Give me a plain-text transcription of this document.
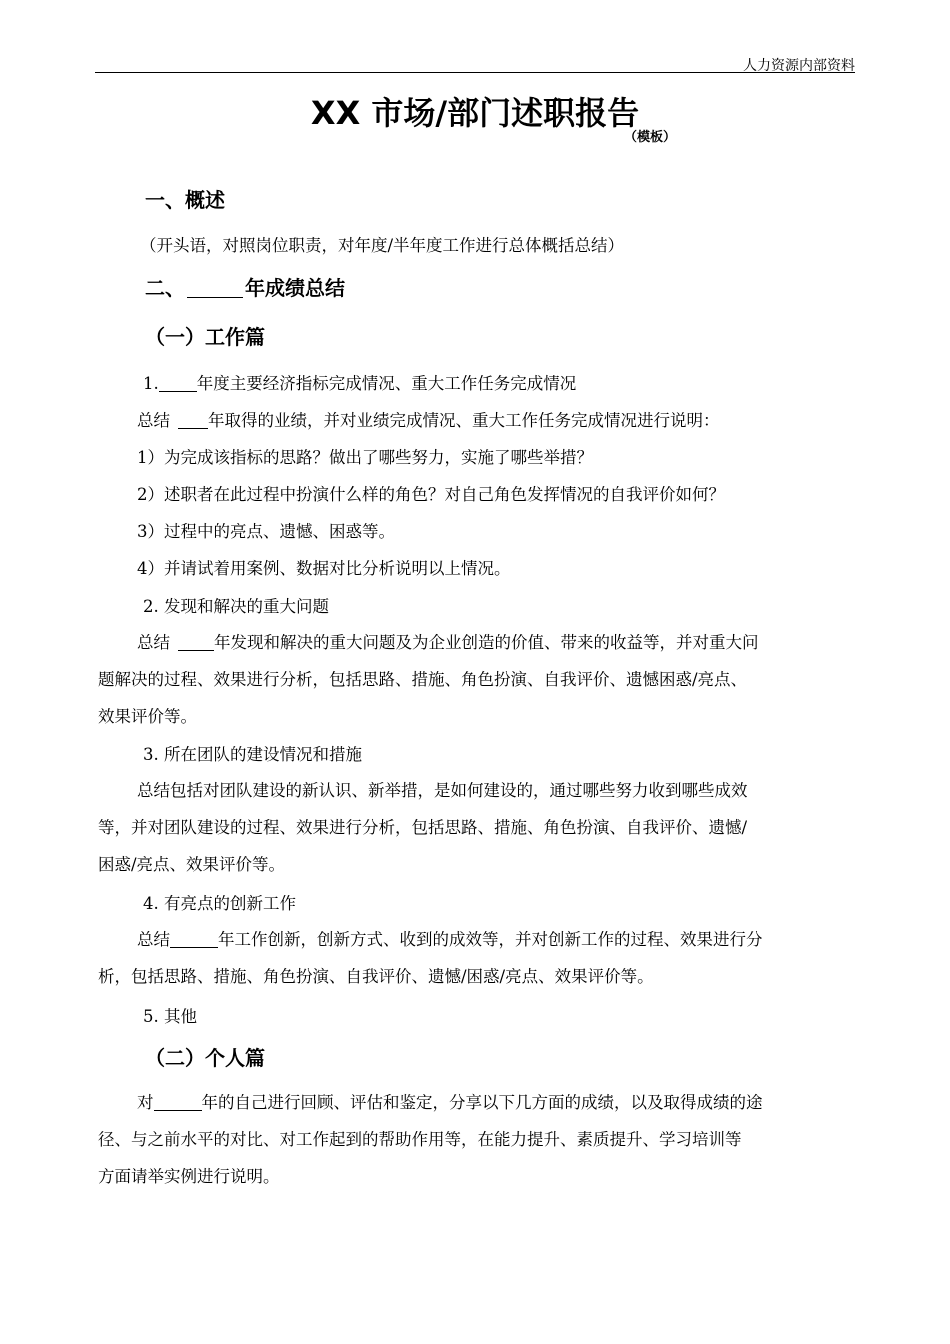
人力资源内部资料
XX 市场/部门述职报告
（模板）
一、概述
（开头语，对照岗位职责，对年度/半年度工作进行总体概括总结）
二、	年成绩总结
（一）工作篇
1. 年度主要经济指标完成情况、重大工作任务完成情况
总结 年取得的业绩，并对业绩完成情况、重大工作任务完成情况进行说明：
1）为完成该指标的思路？做出了哪些努力，实施了哪些举措？
2）述职者在此过程中扮演什么样的角色？对自己角色发挥情况的自我评价如何？
3）过程中的亮点、遗憾、困惑等。
4）并请试着用案例、数据对比分析说明以上情况。
2. 发现和解决的重大问题
总结	年发现和解决的重大问题及为企业创造的价值、带来的收益等，并对重大问
题解决的过程、效果进行分析，包括思路、措施、角色扮演、自我评价、遗憾困惑/亮点、
效果评价等。
3. 所在团队的建设情况和措施
总结包括对团队建设的新认识、新举措，是如何建设的，通过哪些努力收到哪些成效
等，并对团队建设的过程、效果进行分析，包括思路、措施、角色扮演、自我评价、遗憾/
困惑/亮点、效果评价等。
4. 有亮点的创新工作
总结	年工作创新，创新方式、收到的成效等，并对创新工作的过程、效果进行分
析，包括思路、措施、角色扮演、自我评价、遗憾/困惑/亮点、效果评价等。
5. 其他
（二）个人篇
对	年的自己进行回顾、评估和鉴定，分享以下几方面的成绩，以及取得成绩的途
径、与之前水平的对比、对工作起到的帮助作用等，在能力提升、素质提升、学习培训等
方面请举实例进行说明。
